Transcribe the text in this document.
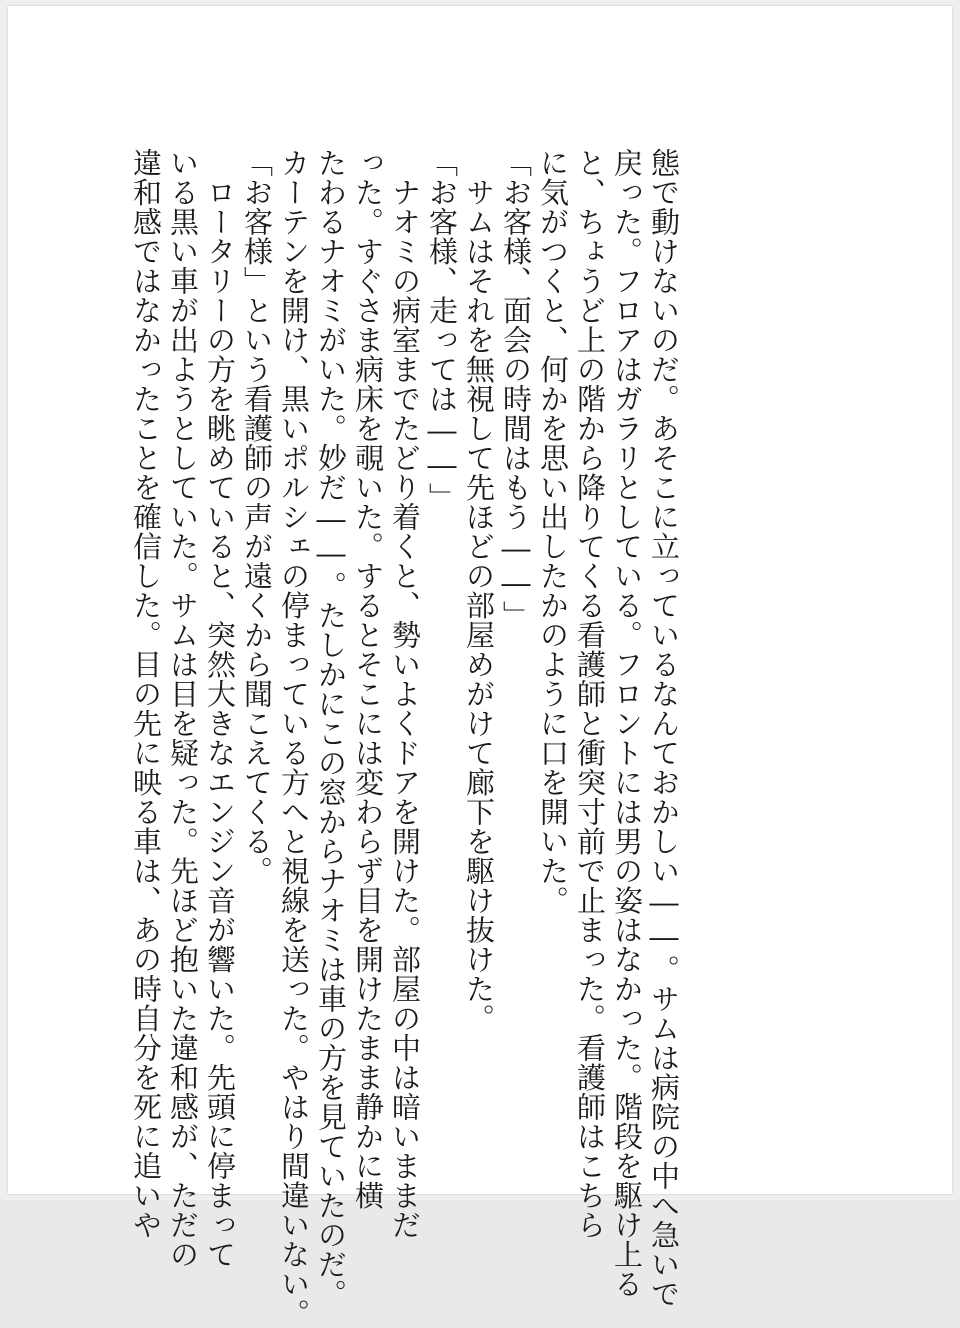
態で動けないのだ。あそこに立っているなんておかしい――。サムは病院の中へ急いで

戻った。フロアはガラリとしている。フロントには男の姿はなかった。階段を駆け上る

と、ちょうど上の階から降りてくる看護師と衝突寸前で止まった。看護師はこちら

に気がつくと、何かを思い出したかのように口を開いた。

「お客様、面会の時間はもう――」

　サムはそれを無視して先ほどの部屋めがけて廊下を駆け抜けた。

「お客様、走っては――」

　ナオミの病室までたどり着くと、勢いよくドアを開けた。部屋の中は暗いままだ

った。すぐさま病床を覗いた。するとそこには変わらず目を開けたまま静かに横

たわるナオミがいた。妙だ――。たしかにこの窓からナオミは車の方を見ていたのだ。

カーテンを開け、黒いポルシェの停まっている方へと視線を送った。やはり間違いない。

「お客様」という看護師の声が遠くから聞こえてくる。

　ロータリーの方を眺めていると、突然大きなエンジン音が響いた。先頭に停まって

いる黒い車が出ようとしていた。サムは目を疑った。先ほど抱いた違和感が、ただの

違和感ではなかったことを確信した。目の先に映る車は、あの時自分を死に追いや
